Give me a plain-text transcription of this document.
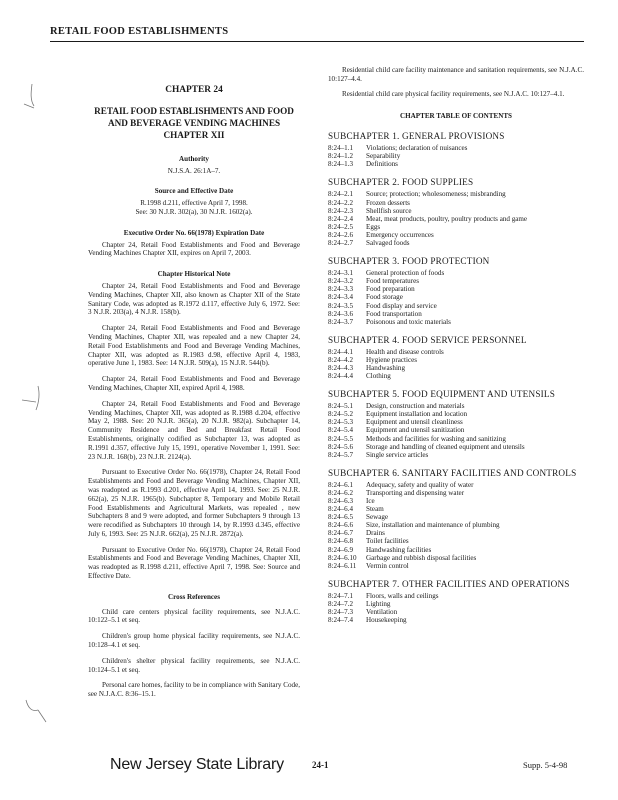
RETAIL FOOD ESTABLISHMENTS
CHAPTER 24
RETAIL FOOD ESTABLISHMENTS AND FOOD AND BEVERAGE VENDING MACHINES CHAPTER XII
Authority
N.J.S.A. 26:1A–7.
Source and Effective Date
R.1998 d.211, effective April 7, 1998.
See: 30 N.J.R. 302(a), 30 N.J.R. 1602(a).
Executive Order No. 66(1978) Expiration Date
Chapter 24, Retail Food Establishments and Food and Beverage Vending Machines Chapter XII, expires on April 7, 2003.
Chapter Historical Note
Chapter 24, Retail Food Establishments and Food and Beverage Vending Machines, Chapter XII, also known as Chapter XII of the State Sanitary Code, was adopted as R.1972 d.117, effective July 6, 1972. See: 3 N.J.R. 203(a), 4 N.J.R. 158(b).
Chapter 24, Retail Food Establishments and Food and Beverage Vending Machines, Chapter XII, was repealed and a new Chapter 24, Retail Food Establishments and Food and Beverage Vending Machines, Chapter XII, was adopted as R.1983 d.98, effective April 4, 1983, operative June 1, 1983. See: 14 N.J.R. 509(a), 15 N.J.R. 544(b).
Chapter 24, Retail Food Establishments and Food and Beverage Vending Machines, Chapter XII, expired April 4, 1988.
Chapter 24, Retail Food Establishments and Food and Beverage Vending Machines, Chapter XII, was adopted as R.1988 d.204, effective May 2, 1988. See: 20 N.J.R. 365(a), 20 N.J.R. 982(a). Subchapter 14, Community Residence and Bed and Breakfast Retail Food Establishments, originally codified as Subchapter 13, was adopted as R.1991 d.357, effective July 15, 1991, operative November 1, 1991. See: 23 N.J.R. 168(b), 23 N.J.R. 2124(a).
Pursuant to Executive Order No. 66(1978), Chapter 24, Retail Food Establishments and Food and Beverage Vending Machines, Chapter XII, was readopted as R.1993 d.201, effective April 14, 1993. See: 25 N.J.R. 662(a), 25 N.J.R. 1965(b). Subchapter 8, Temporary and Mobile Retail Food Establishments and Agricultural Markets, was repealed , new Subchapters 8 and 9 were adopted, and former Subchapters 9 through 13 were recodified as Subchapters 10 through 14, by R.1993 d.345, effective July 6, 1993. See: 25 N.J.R. 662(a), 25 N.J.R. 2872(a).
Pursuant to Executive Order No. 66(1978), Chapter 24, Retail Food Establishments and Food and Beverage Vending Machines, Chapter XII, was readopted as R.1998 d.211, effective April 7, 1998. See: Source and Effective Date.
Cross References
Child care centers physical facility requirements, see N.J.A.C. 10:122–5.1 et seq.
Children's group home physical facility requirements, see N.J.A.C. 10:128–4.1 et seq.
Children's shelter physical facility requirements, see N.J.A.C. 10:124–5.1 et seq.
Personal care homes, facility to be in compliance with Sanitary Code, see N.J.A.C. 8:36–15.1.
Residential child care facility maintenance and sanitation requirements, see N.J.A.C. 10:127–4.4.
Residential child care physical facility requirements, see N.J.A.C. 10:127–4.1.
CHAPTER TABLE OF CONTENTS
SUBCHAPTER 1. GENERAL PROVISIONS
8:24–1.1	Violations; declaration of nuisances
8:24–1.2	Separability
8:24–1.3	Definitions
SUBCHAPTER 2. FOOD SUPPLIES
8:24–2.1	Source; protection; wholesomeness; misbranding
8:24–2.2	Frozen desserts
8:24–2.3	Shellfish source
8:24–2.4	Meat, meat products, poultry, poultry products and game
8:24–2.5	Eggs
8:24–2.6	Emergency occurrences
8:24–2.7	Salvaged foods
SUBCHAPTER 3. FOOD PROTECTION
8:24–3.1	General protection of foods
8:24–3.2	Food temperatures
8:24–3.3	Food preparation
8:24–3.4	Food storage
8:24–3.5	Food display and service
8:24–3.6	Food transportation
8:24–3.7	Poisonous and toxic materials
SUBCHAPTER 4. FOOD SERVICE PERSONNEL
8:24–4.1	Health and disease controls
8:24–4.2	Hygiene practices
8:24–4.3	Handwashing
8:24–4.4	Clothing
SUBCHAPTER 5. FOOD EQUIPMENT AND UTENSILS
8:24–5.1	Design, construction and materials
8:24–5.2	Equipment installation and location
8:24–5.3	Equipment and utensil cleanliness
8:24–5.4	Equipment and utensil sanitization
8:24–5.5	Methods and facilities for washing and sanitizing
8:24–5.6	Storage and handling of cleaned equipment and utensils
8:24–5.7	Single service articles
SUBCHAPTER 6. SANITARY FACILITIES AND CONTROLS
8:24–6.1	Adequacy, safety and quality of water
8:24–6.2	Transporting and dispensing water
8:24–6.3	Ice
8:24–6.4	Steam
8:24–6.5	Sewage
8:24–6.6	Size, installation and maintenance of plumbing
8:24–6.7	Drains
8:24–6.8	Toilet facilities
8:24–6.9	Handwashing facilities
8:24–6.10	Garbage and rubbish disposal facilities
8:24–6.11	Vermin control
SUBCHAPTER 7. OTHER FACILITIES AND OPERATIONS
8:24–7.1	Floors, walls and ceilings
8:24–7.2	Lighting
8:24–7.3	Ventilation
8:24–7.4	Housekeeping
New Jersey State Library	24-1	Supp. 5-4-98
